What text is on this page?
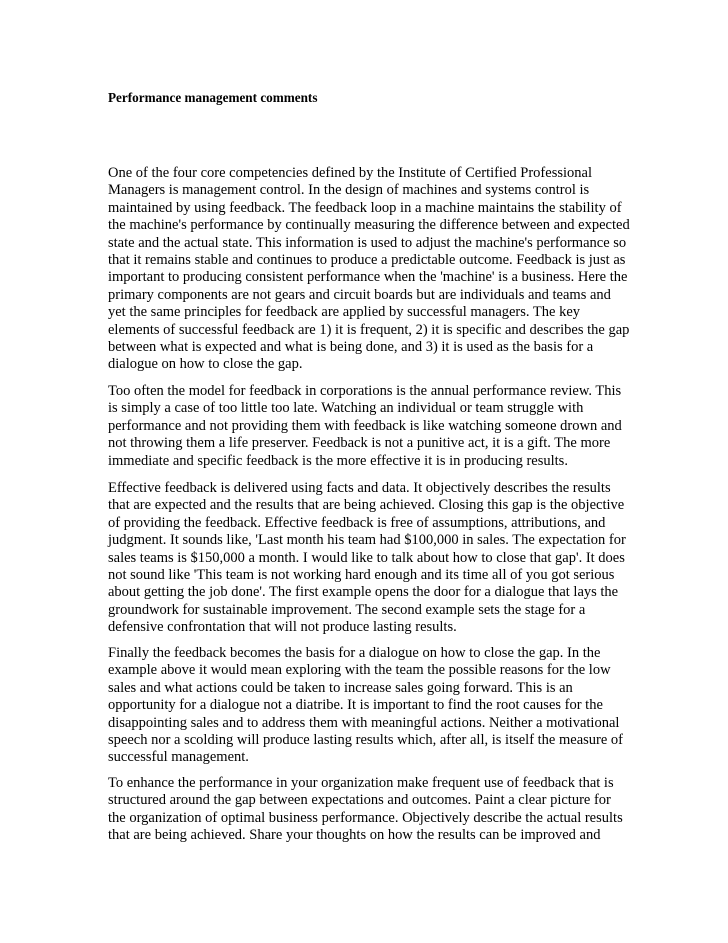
Performance management comments

One of the four core competencies defined by the Institute of Certified Professional
Managers is management control. In the design of machines and systems control is
maintained by using feedback. The feedback loop in a machine maintains the stability of
the machine's performance by continually measuring the difference between and expected
state and the actual state. This information is used to adjust the machine's performance so
that it remains stable and continues to produce a predictable outcome. Feedback is just as
important to producing consistent performance when the 'machine' is a business. Here the
primary components are not gears and circuit boards but are individuals and teams and
yet the same principles for feedback are applied by successful managers. The key
elements of successful feedback are 1) it is frequent, 2) it is specific and describes the gap
between what is expected and what is being done, and 3) it is used as the basis for a
dialogue on how to close the gap.

Too often the model for feedback in corporations is the annual performance review. This
is simply a case of too little too late. Watching an individual or team struggle with
performance and not providing them with feedback is like watching someone drown and
not throwing them a life preserver. Feedback is not a punitive act, it is a gift. The more
immediate and specific feedback is the more effective it is in producing results.

Effective feedback is delivered using facts and data. It objectively describes the results
that are expected and the results that are being achieved. Closing this gap is the objective
of providing the feedback. Effective feedback is free of assumptions, attributions, and
judgment. It sounds like, 'Last month his team had $100,000 in sales. The expectation for
sales teams is $150,000 a month. I would like to talk about how to close that gap'. It does
not sound like 'This team is not working hard enough and its time all of you got serious
about getting the job done'. The first example opens the door for a dialogue that lays the
groundwork for sustainable improvement. The second example sets the stage for a
defensive confrontation that will not produce lasting results.

Finally the feedback becomes the basis for a dialogue on how to close the gap. In the
example above it would mean exploring with the team the possible reasons for the low
sales and what actions could be taken to increase sales going forward. This is an
opportunity for a dialogue not a diatribe. It is important to find the root causes for the
disappointing sales and to address them with meaningful actions. Neither a motivational
speech nor a scolding will produce lasting results which, after all, is itself the measure of
successful management.

To enhance the performance in your organization make frequent use of feedback that is
structured around the gap between expectations and outcomes. Paint a clear picture for
the organization of optimal business performance. Objectively describe the actual results
that are being achieved. Share your thoughts on how the results can be improved and
